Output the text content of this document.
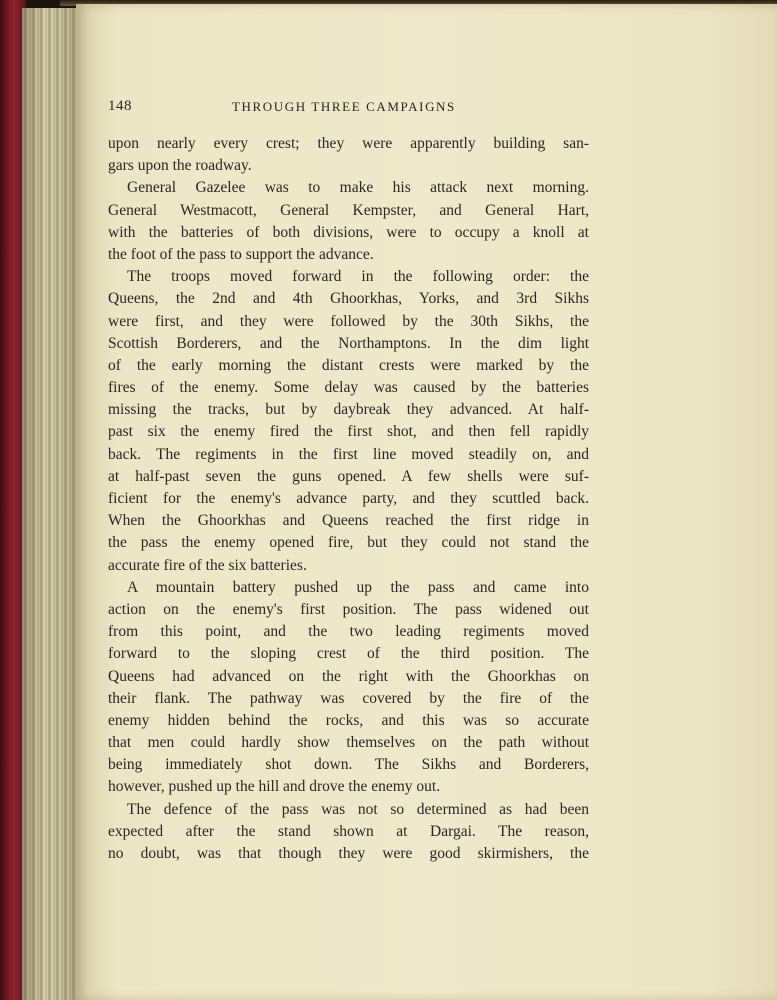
148	THROUGH THREE CAMPAIGNS
upon nearly every crest; they were apparently building san-
gars upon the roadway.
General Gazelee was to make his attack next morning.
General Westmacott, General Kempster, and General Hart,
with the batteries of both divisions, were to occupy a knoll at
the foot of the pass to support the advance.
The troops moved forward in the following order: the
Queens, the 2nd and 4th Ghoorkhas, Yorks, and 3rd Sikhs
were first, and they were followed by the 30th Sikhs, the
Scottish Borderers, and the Northamptons. In the dim light
of the early morning the distant crests were marked by the
fires of the enemy. Some delay was caused by the batteries
missing the tracks, but by daybreak they advanced. At half-
past six the enemy fired the first shot, and then fell rapidly
back. The regiments in the first line moved steadily on, and
at half-past seven the guns opened. A few shells were suf-
ficient for the enemy's advance party, and they scuttled back.
When the Ghoorkhas and Queens reached the first ridge in
the pass the enemy opened fire, but they could not stand the
accurate fire of the six batteries.
A mountain battery pushed up the pass and came into
action on the enemy's first position. The pass widened out
from this point, and the two leading regiments moved
forward to the sloping crest of the third position. The
Queens had advanced on the right with the Ghoorkhas on
their flank. The pathway was covered by the fire of the
enemy hidden behind the rocks, and this was so accurate
that men could hardly show themselves on the path without
being immediately shot down. The Sikhs and Borderers,
however, pushed up the hill and drove the enemy out.
The defence of the pass was not so determined as had been
expected after the stand shown at Dargai. The reason,
no doubt, was that though they were good skirmishers, the
